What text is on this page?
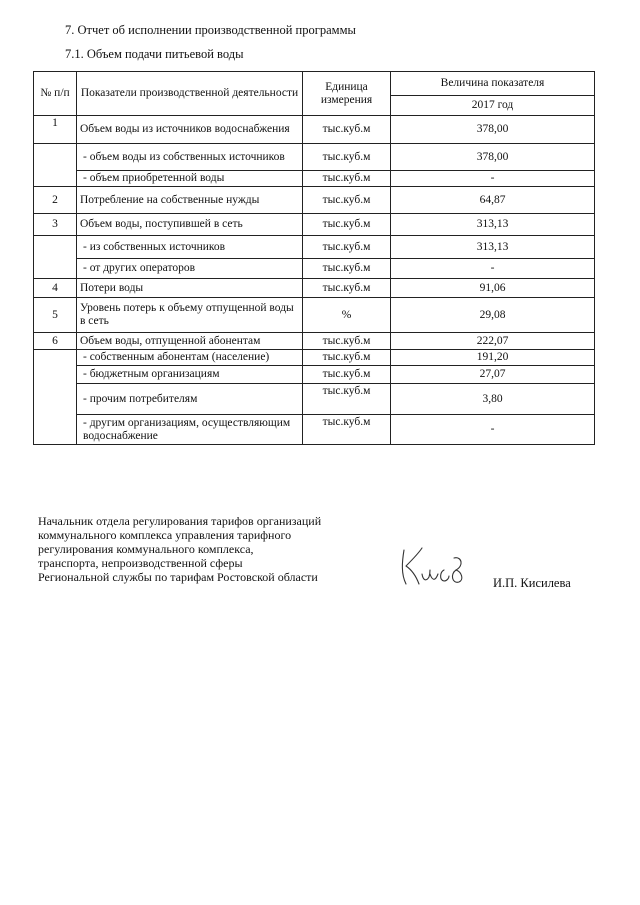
7. Отчет об исполнении производственной программы
7.1. Объем подачи питьевой воды
№ п/п	Показатели производственной деятельности	Единица измерения	Величина показателя
			2017 год
1	Объем воды из источников водоснабжения	тыс.куб.м	378,00
	- объем воды из собственных источников	тыс.куб.м	378,00
	- объем приобретенной воды	тыс.куб.м	-
2	Потребление на собственные нужды	тыс.куб.м	64,87
3	Объем воды, поступившей в сеть	тыс.куб.м	313,13
	- из собственных источников	тыс.куб.м	313,13
	- от других операторов	тыс.куб.м	-
4	Потери воды	тыс.куб.м	91,06
5	Уровень потерь к объему отпущенной воды в сеть	%	29,08
6	Объем воды, отпущенной абонентам	тыс.куб.м	222,07
	- собственным абонентам (население)	тыс.куб.м	191,20
	- бюджетным организациям	тыс.куб.м	27,07
	- прочим потребителям	тыс.куб.м	3,80
	- другим организациям, осуществляющим водоснабжение	тыс.куб.м	-
Начальник отдела регулирования тарифов организаций
коммунального комплекса управления тарифного
регулирования коммунального комплекса,
транспорта, непроизводственной сферы
Региональной службы по тарифам Ростовской области	И.П. Кисилева
